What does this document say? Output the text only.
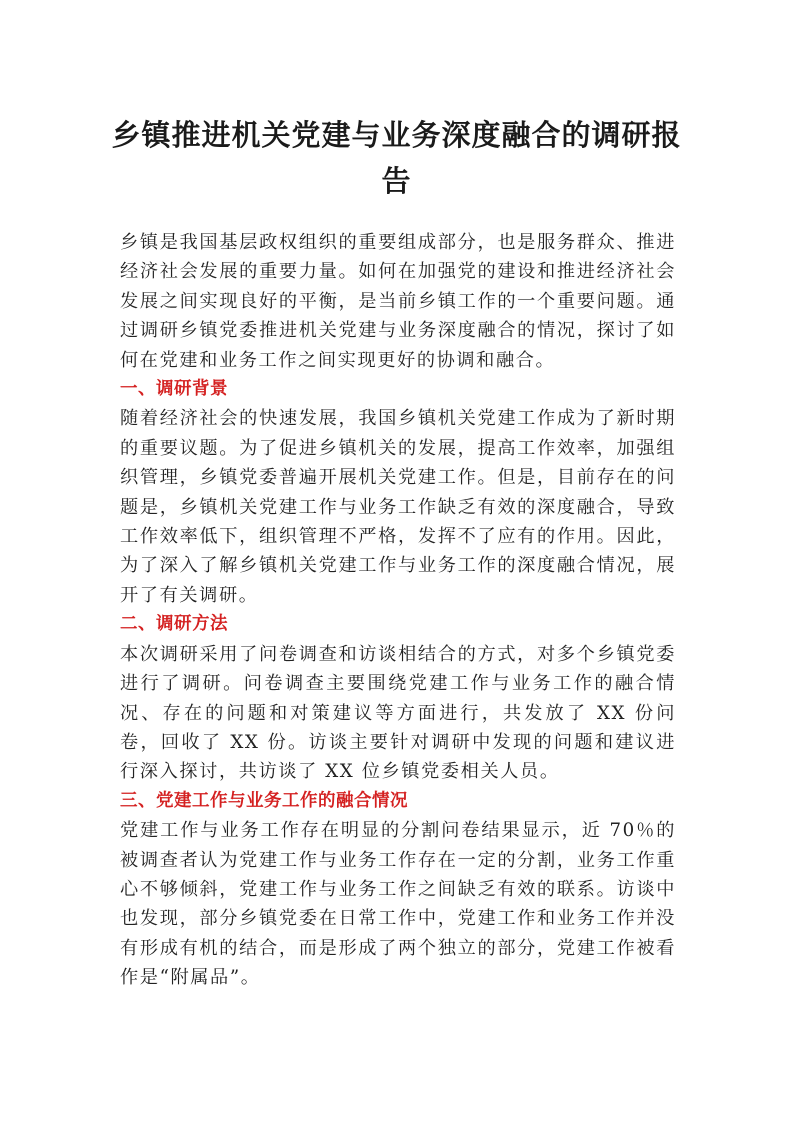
乡镇推进机关党建与业务深度融合的调研报告

乡镇是我国基层政权组织的重要组成部分，也是服务群众、推进经济社会发展的重要力量。如何在加强党的建设和推进经济社会发展之间实现良好的平衡，是当前乡镇工作的一个重要问题。通过调研乡镇党委推进机关党建与业务深度融合的情况，探讨了如何在党建和业务工作之间实现更好的协调和融合。

一、调研背景

随着经济社会的快速发展，我国乡镇机关党建工作成为了新时期的重要议题。为了促进乡镇机关的发展，提高工作效率，加强组织管理，乡镇党委普遍开展机关党建工作。但是，目前存在的问题是，乡镇机关党建工作与业务工作缺乏有效的深度融合，导致工作效率低下，组织管理不严格，发挥不了应有的作用。因此，为了深入了解乡镇机关党建工作与业务工作的深度融合情况，展开了有关调研。

二、调研方法

本次调研采用了问卷调查和访谈相结合的方式，对多个乡镇党委进行了调研。问卷调查主要围绕党建工作与业务工作的融合情况、存在的问题和对策建议等方面进行，共发放了 XX 份问卷，回收了 XX 份。访谈主要针对调研中发现的问题和建议进行深入探讨，共访谈了 XX 位乡镇党委相关人员。

三、党建工作与业务工作的融合情况

党建工作与业务工作存在明显的分割问卷结果显示，近 70％的被调查者认为党建工作与业务工作存在一定的分割，业务工作重心不够倾斜，党建工作与业务工作之间缺乏有效的联系。访谈中也发现，部分乡镇党委在日常工作中，党建工作和业务工作并没有形成有机的结合，而是形成了两个独立的部分，党建工作被看作是“附属品”。
